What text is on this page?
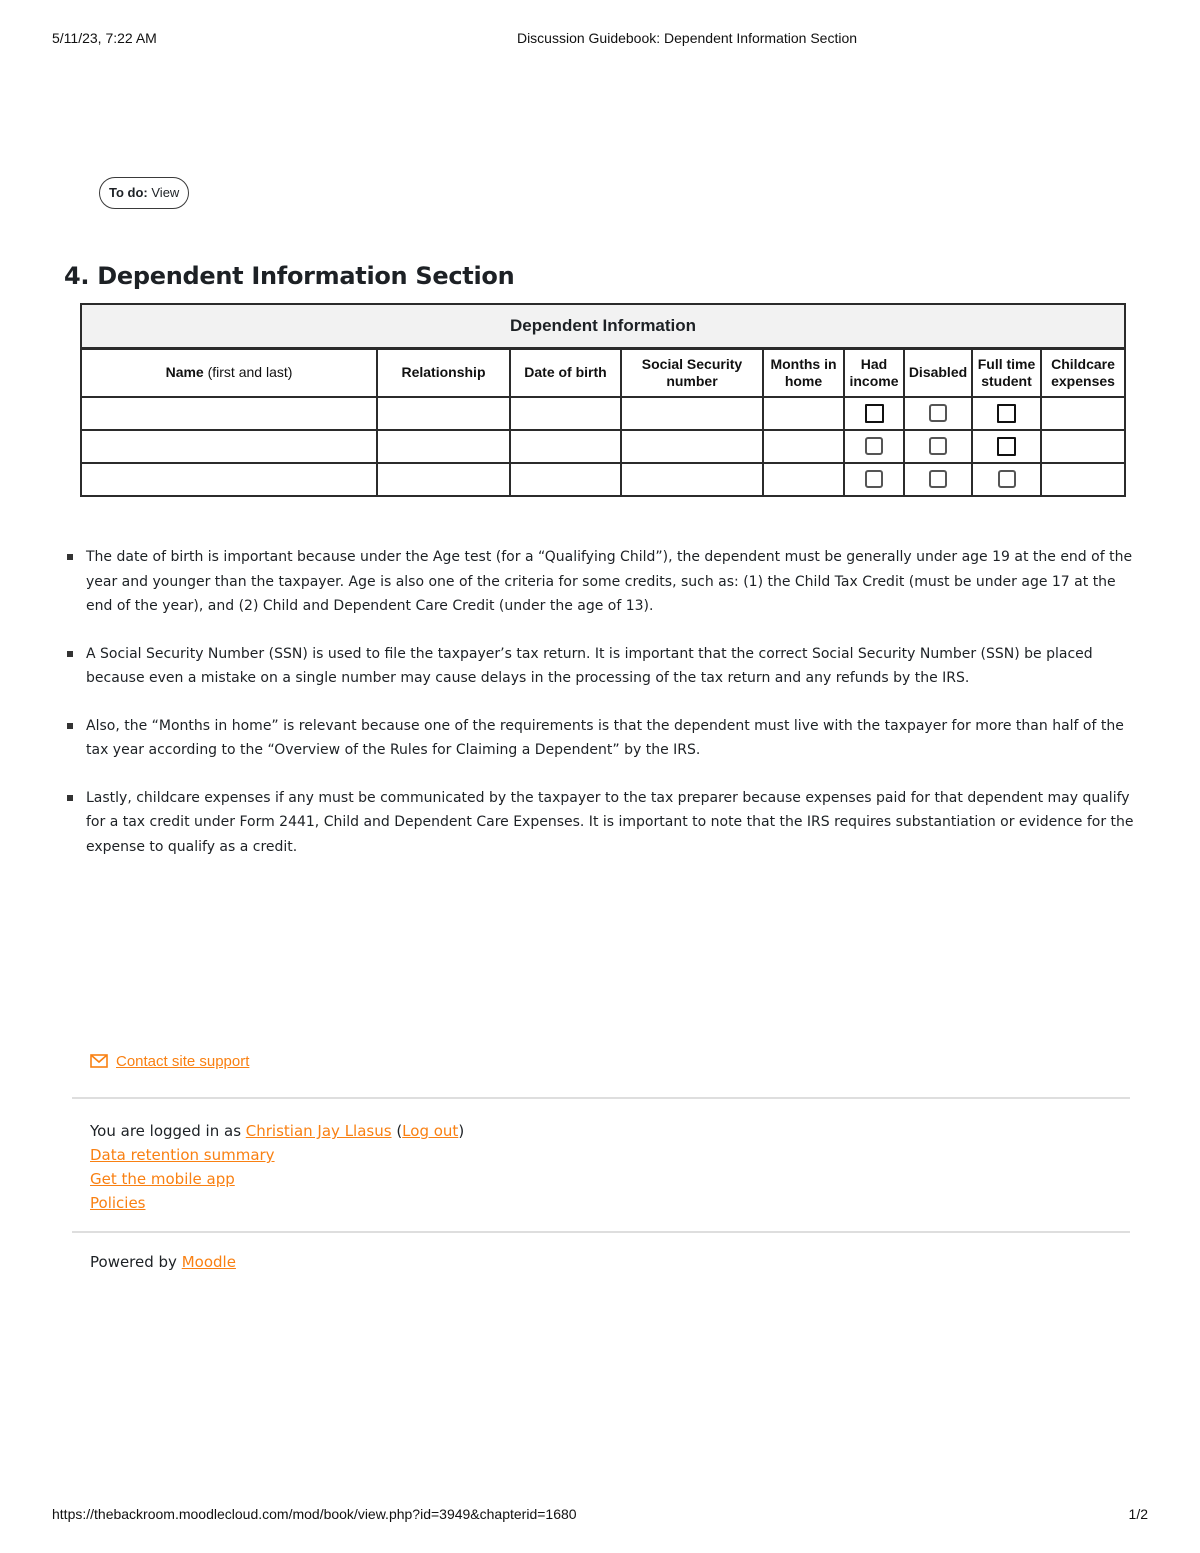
5/11/23, 7:22 AM	Discussion Guidebook: Dependent Information Section
To do: View
4. Dependent Information Section
Dependent Information								
Name (first and last)	Relationship	Date of birth	Social Security number	Months in home	Had income	Disabled	Full time student	Childcare expenses

The date of birth is important because under the Age test (for a “Qualifying Child”), the dependent must be generally under age 19 at the end of the year and younger than the taxpayer. Age is also one of the criteria for some credits, such as: (1) the Child Tax Credit (must be under age 17 at the end of the year), and (2) Child and Dependent Care Credit (under the age of 13).
A Social Security Number (SSN) is used to file the taxpayer’s tax return. It is important that the correct Social Security Number (SSN) be placed because even a mistake on a single number may cause delays in the processing of the tax return and any refunds by the IRS.
Also, the “Months in home” is relevant because one of the requirements is that the dependent must live with the taxpayer for more than half of the tax year according to the “Overview of the Rules for Claiming a Dependent” by the IRS.
Lastly, childcare expenses if any must be communicated by the taxpayer to the tax preparer because expenses paid for that dependent may qualify for a tax credit under Form 2441, Child and Dependent Care Expenses. It is important to note that the IRS requires substantiation or evidence for the expense to qualify as a credit.
Contact site support
You are logged in as Christian Jay Llasus (Log out)
Data retention summary
Get the mobile app
Policies
Powered by Moodle
https://thebackroom.moodlecloud.com/mod/book/view.php?id=3949&chapterid=1680	1/2
